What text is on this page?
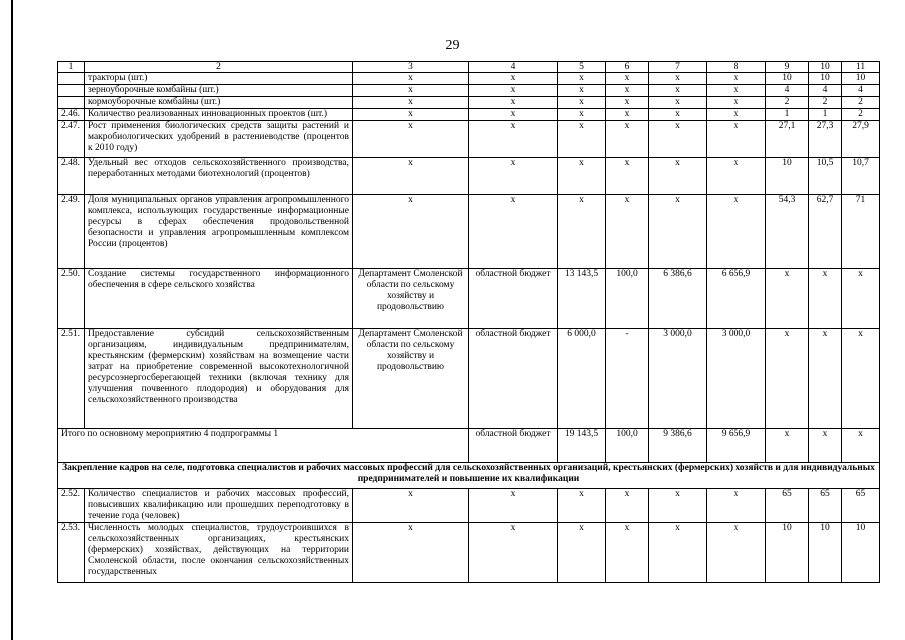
29
1	2	3	4	5	6	7	8	9	10	11
	тракторы (шт.)	x	x	x	x	x	x	10	10	10
	зерноуборочные комбайны (шт.)	x	x	x	x	x	x	4	4	4
	кормоуборочные комбайны (шт.)	x	x	x	x	x	x	2	2	2
2.46.	Количество реализованных инновационных проектов (шт.)	x	x	x	x	x	x	1	1	2
2.47.	Рост применения биологических средств защиты растений и макробиологических удобрений в растениеводстве (процентов к 2010 году)	x	x	x	x	x	x	27,1	27,3	27,9
2.48.	Удельный вес отходов сельскохозяйственного производства, переработанных методами биотехнологий (процентов)	x	x	x	x	x	x	10	10,5	10,7
2.49.	Доля муниципальных органов управления агропромышленного комплекса, использующих государственные информационные ресурсы в сферах обеспечения продовольственной безопасности и управления агропромышленным комплексом России (процентов)	x	x	x	x	x	x	54,3	62,7	71
2.50.	Создание системы государственного информационного обеспечения в сфере сельского хозяйства	Департамент Смоленской области по сельскому хозяйству и продовольствию	областной бюджет	13 143,5	100,0	6 386,6	6 656,9	x	x	x
2.51.	Предоставление субсидий сельскохозяйственным организациям, индивидуальным предпринимателям, крестьянским (фермерским) хозяйствам на возмещение части затрат на приобретение современной высокотехнологичной ресурсоэнергосберегающей техники (включая технику для улучшения почвенного плодородия) и оборудования для сельскохозяйственного производства	Департамент Смоленской области по сельскому хозяйству и продовольствию	областной бюджет	6 000,0	-	3 000,0	3 000,0	x	x	x
Итого по основному мероприятию 4 подпрограммы 1			областной бюджет	19 143,5	100,0	9 386,6	9 656,9	x	x	x
Закрепление кадров на селе, подготовка специалистов и рабочих массовых профессий для сельскохозяйственных организаций, крестьянских (фермерских) хозяйств и для индивидуальных предпринимателей и повышение их квалификации										
2.52.	Количество специалистов и рабочих массовых профессий, повысивших квалификацию или прошедших переподготовку в течение года (человек)	x	x	x	x	x	x	65	65	65
2.53.	Численность молодых специалистов, трудоустроившихся в сельскохозяйственных организациях, крестьянских (фермерских) хозяйствах, действующих на территории Смоленской области, после окончания сельскохозяйственных государственных	x	x	x	x	x	x	10	10	10
